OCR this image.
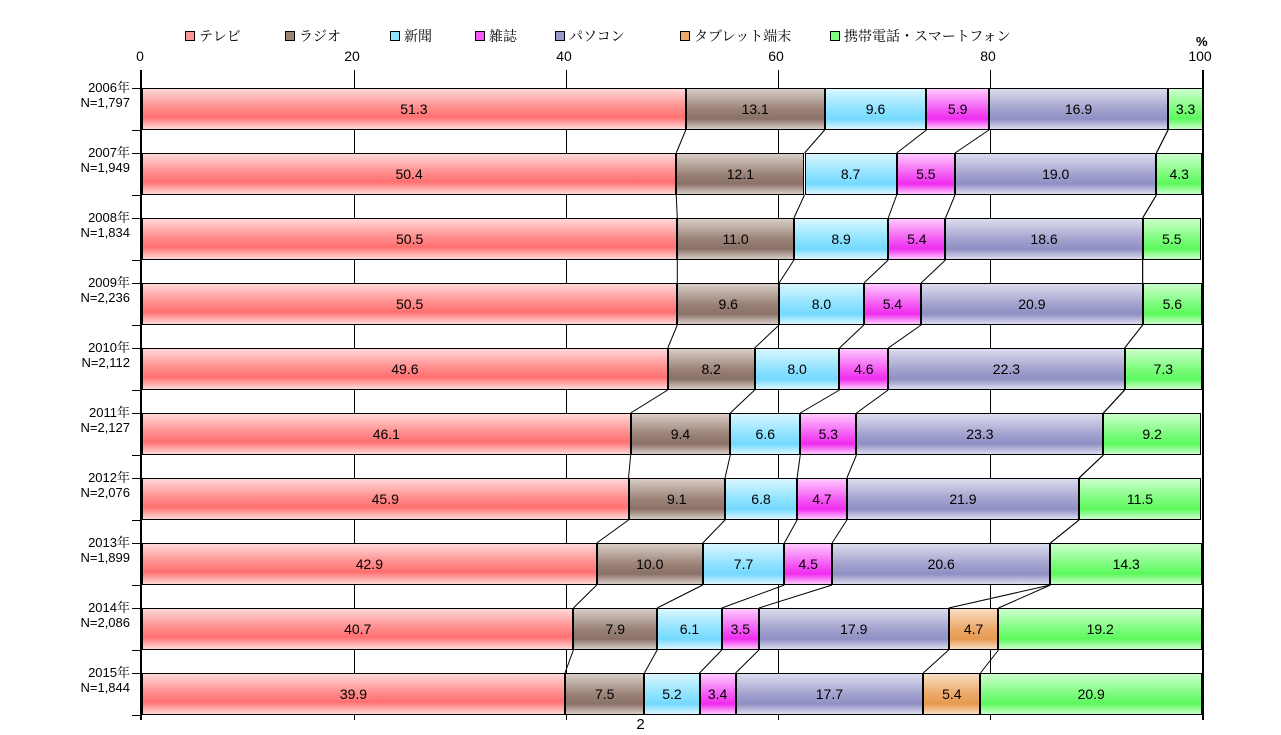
テレビ	ラジオ	新聞	雑誌	パソコン	タブレット端末	携帯電話・スマートフォン	%
0	20	40	60	80	100
2006年
N=1,797
2007年
N=1,949
2008年
N=1,834
2009年
N=2,236
2010年
N=2,112
2011年
N=2,127
2012年
N=2,076
2013年
N=1,899
2014年
N=2,086
2015年
N=1,844
51.3	13.1	9.6	5.9	16.9	3.3
50.4	12.1	8.7	5.5	19.0	4.3
50.5	11.0	8.9	5.4	18.6	5.5
50.5	9.6	8.0	5.4	20.9	5.6
49.6	8.2	8.0	4.6	22.3	7.3
46.1	9.4	6.6	5.3	23.3	9.2
45.9	9.1	6.8	4.7	21.9	11.5
42.9	10.0	7.7	4.5	20.6	14.3
40.7	7.9	6.1 3.5	17.9	4.7	19.2
39.9	7.5	5.2 3.4	17.7	5.4	20.9
2
